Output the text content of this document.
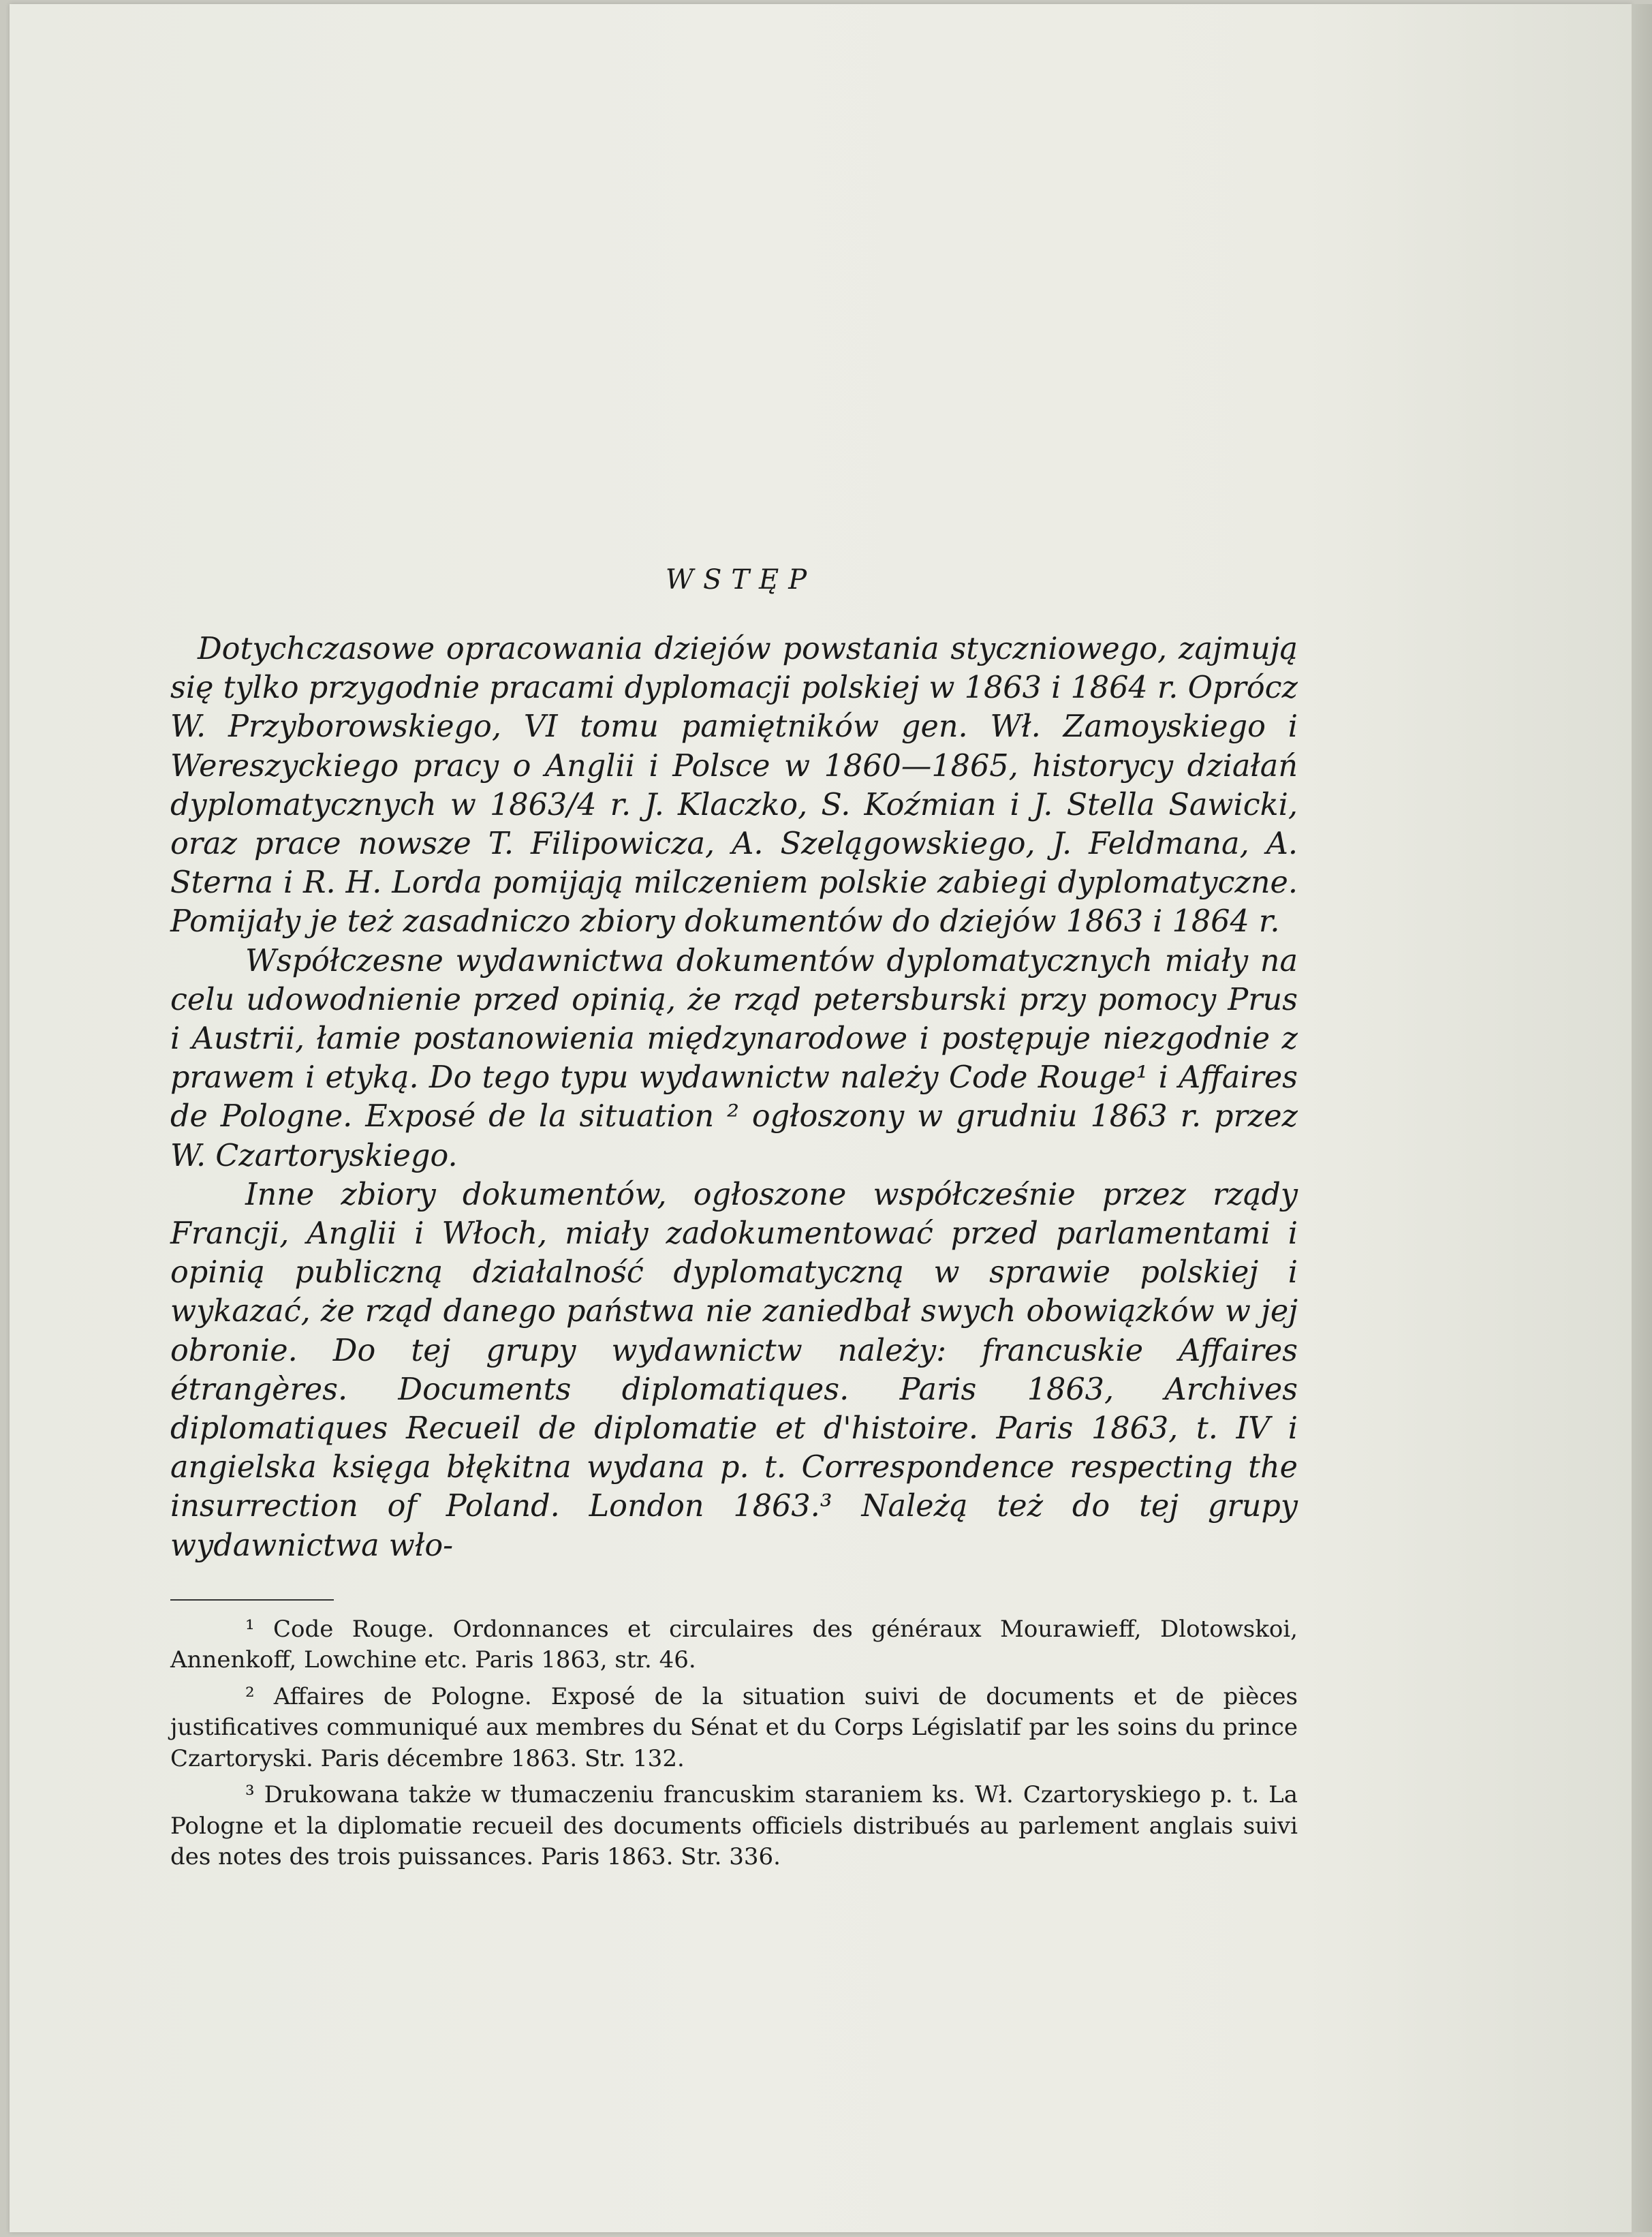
WSTĘP

Dotychczasowe opracowania dziejów powstania styczniowego, zajmują się tylko przygodnie pracami dyplomacji polskiej w 1863 i 1864 r. Oprócz W. Przyborowskiego, VI tomu pamiętników gen. Wł. Zamoyskiego i Wereszyckiego pracy o Anglii i Polsce w 1860—1865, historycy działań dyplomatycznych w 1863/4 r. J. Klaczko, S. Koźmian i J. Stella Sawicki, oraz prace nowsze T. Filipowicza, A. Szelągowskiego, J. Feldmana, A. Sterna i R. H. Lorda pomijają milczeniem polskie zabiegi dyplomatyczne. Pomijały je też zasadniczo zbiory dokumentów do dziejów 1863 i 1864 r.

Współczesne wydawnictwa dokumentów dyplomatycznych miały na celu udowodnienie przed opinią, że rząd petersburski przy pomocy Prus i Austrii, łamie postanowienia międzynarodowe i postępuje niezgodnie z prawem i etyką. Do tego typu wydawnictw należy Code Rouge¹ i Affaires de Pologne. Exposé de la situation ² ogłoszony w grudniu 1863 r. przez W. Czartoryskiego.

Inne zbiory dokumentów, ogłoszone współcześnie przez rządy Francji, Anglii i Włoch, miały zadokumentować przed parlamentami i opinią publiczną działalność dyplomatyczną w sprawie polskiej i wykazać, że rząd danego państwa nie zaniedbał swych obowiązków w jej obronie. Do tej grupy wydawnictw należy: francuskie Affaires étrangères. Documents diplomatiques. Paris 1863, Archives diplomatiques Recueil de diplomatie et d'histoire. Paris 1863, t. IV i angielska księga błękitna wydana p. t. Correspondence respecting the insurrection of Poland. London 1863.³ Należą też do tej grupy wydawnictwa wło-

¹ Code Rouge. Ordonnances et circulaires des généraux Mourawieff, Dlotowskoi, Annenkoff, Lowchine etc. Paris 1863, str. 46.

² Affaires de Pologne. Exposé de la situation suivi de documents et de pièces justificatives communiqué aux membres du Sénat et du Corps Législatif par les soins du prince Czartoryski. Paris décembre 1863. Str. 132.

³ Drukowana także w tłumaczeniu francuskim staraniem ks. Wł. Czartoryskiego p. t. La Pologne et la diplomatie recueil des documents officiels distribués au parlement anglais suivi des notes des trois puissances. Paris 1863. Str. 336.
